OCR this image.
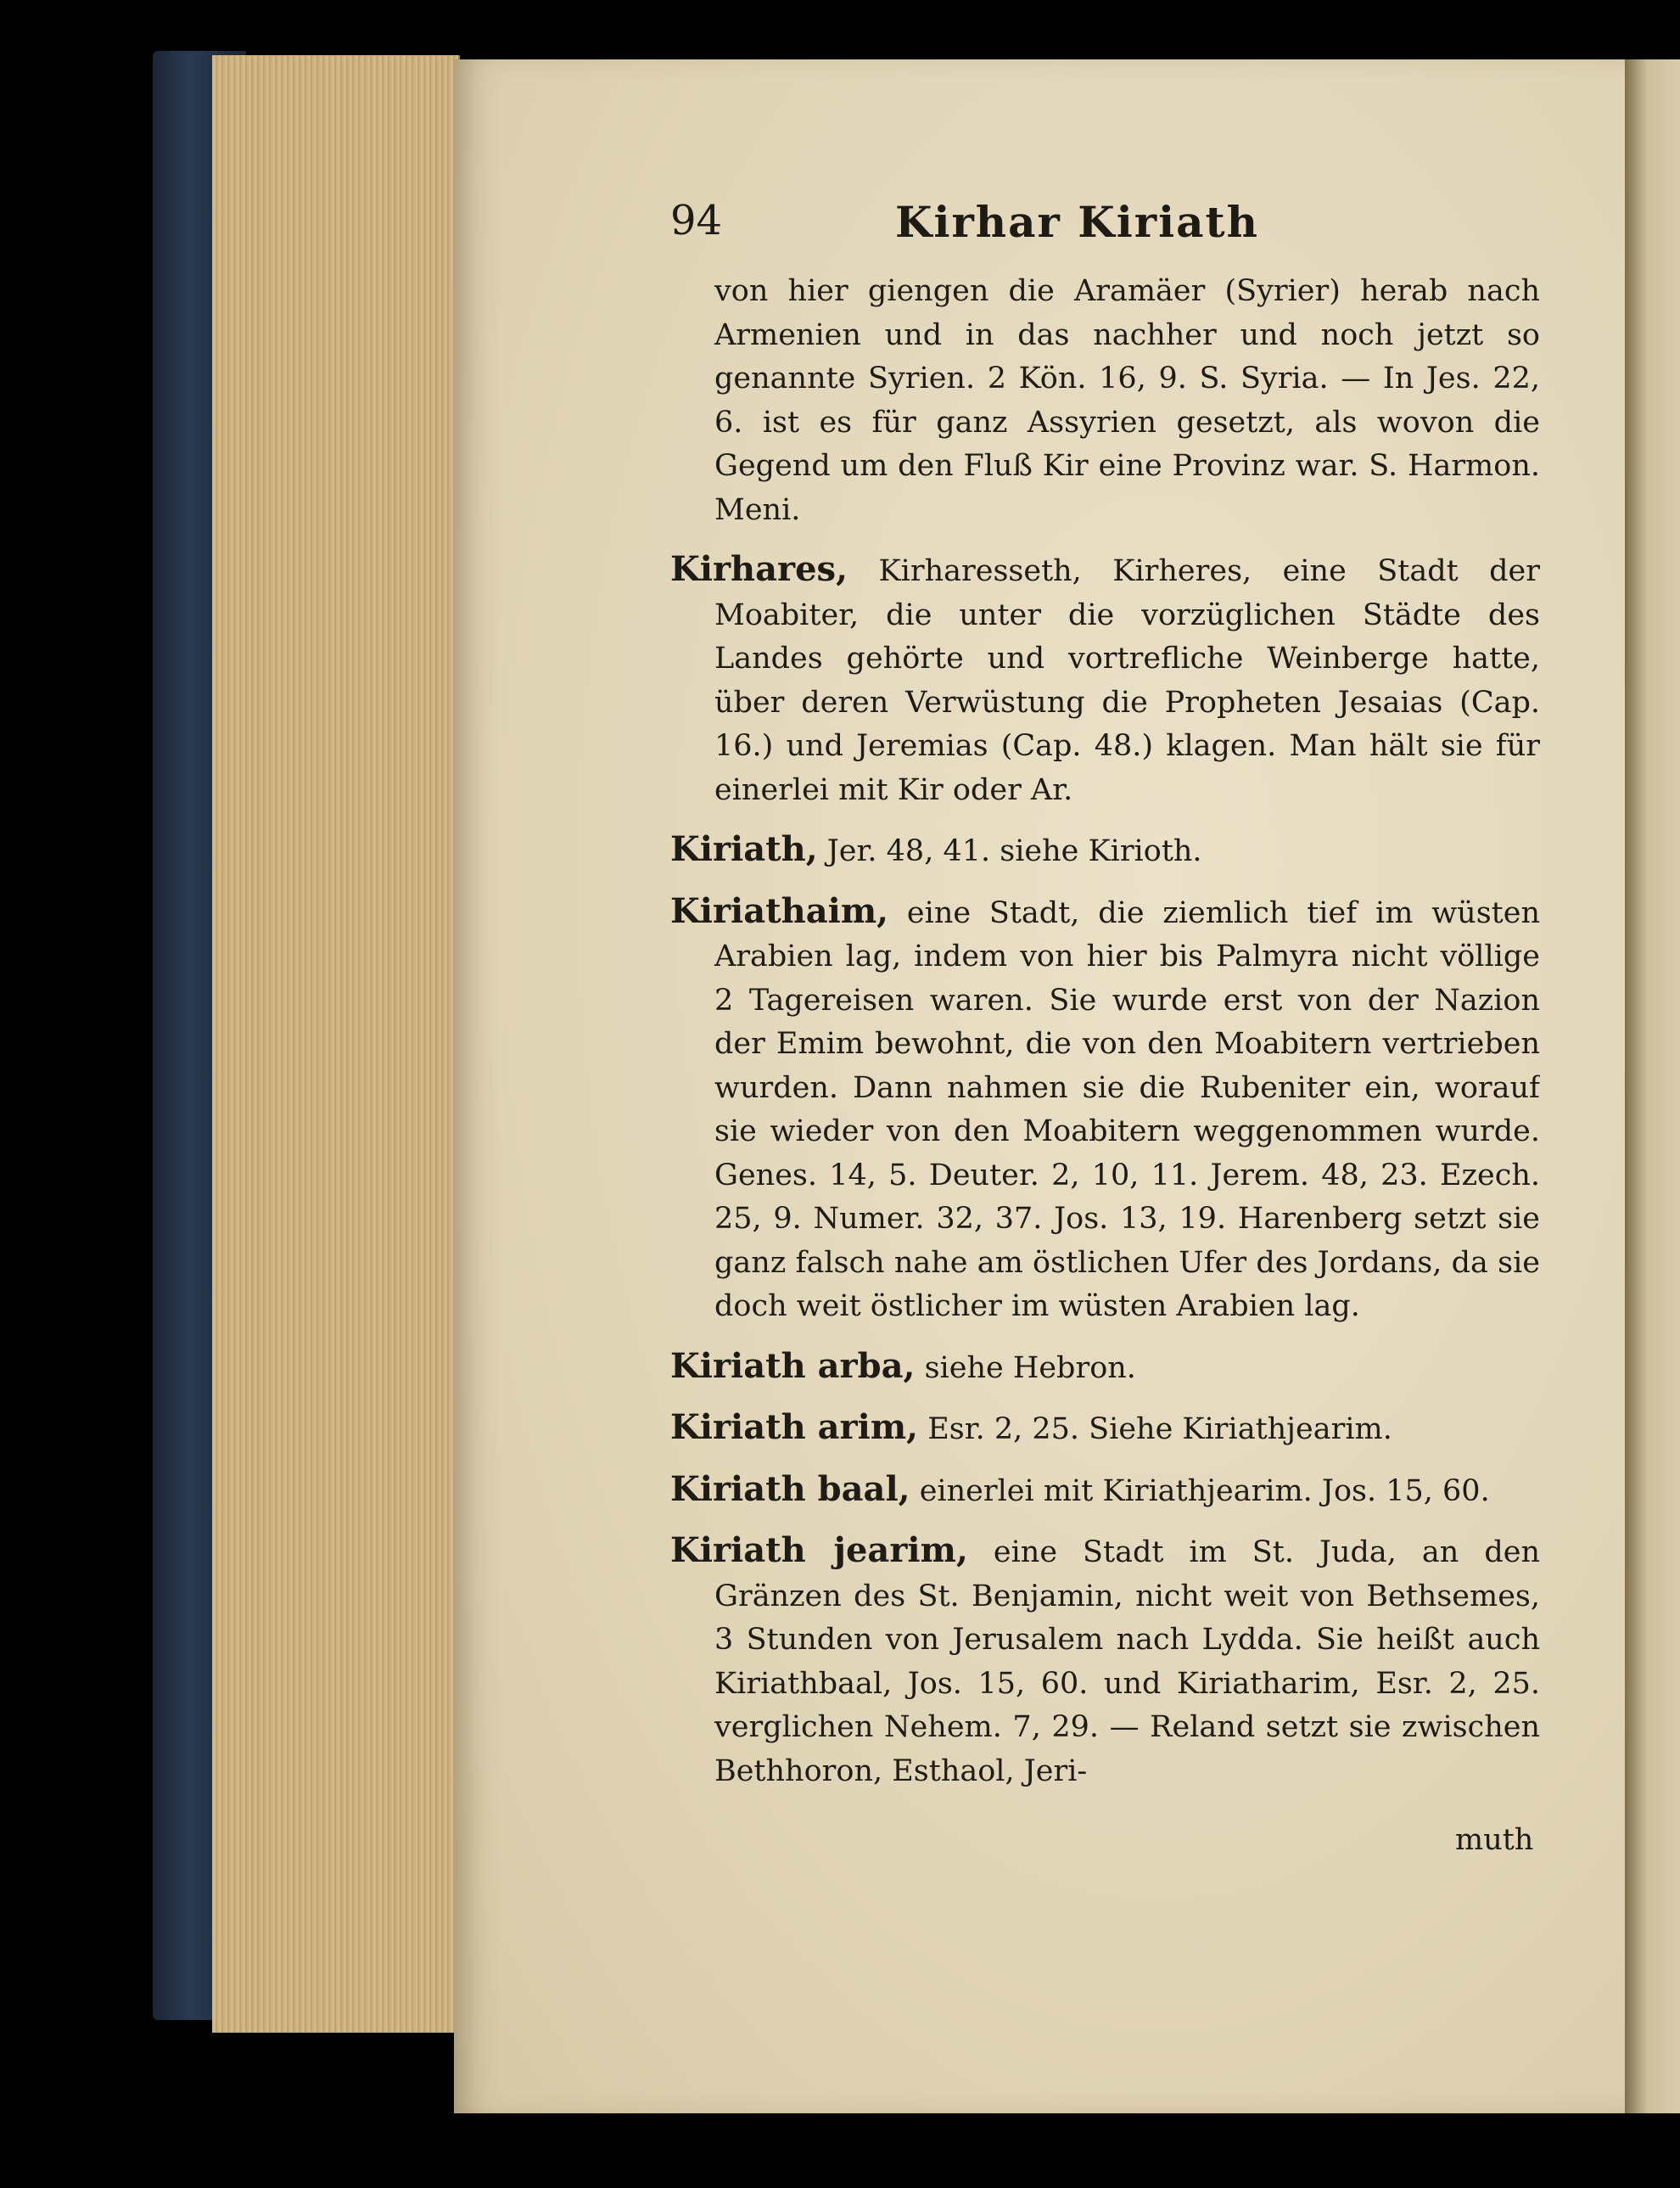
94	Kirhar Kiriath

von hier giengen die Aramäer (Syrier) herab nach Armenien und in das nachher und noch jetzt so genannte Syrien. 2 Kön. 16, 9. S. Syria. — In Jes. 22, 6. ist es für ganz Assyrien gesetzt, als wovon die Gegend um den Fluß Kir eine Provinz war. S. Harmon. Meni.

Kirhares, Kirharesseth, Kirheres, eine Stadt der Moabiter, die unter die vorzüglichen Städte des Landes gehörte und vortrefliche Weinberge hatte, über deren Verwüstung die Propheten Jesaias (Cap. 16.) und Jeremias (Cap. 48.) klagen. Man hält sie für einerlei mit Kir oder Ar.

Kiriath, Jer. 48, 41. siehe Kirioth.

Kiriathaim, eine Stadt, die ziemlich tief im wüsten Arabien lag, indem von hier bis Palmyra nicht völlige 2 Tagereisen waren. Sie wurde erst von der Nazion der Emim bewohnt, die von den Moabitern vertrieben wurden. Dann nahmen sie die Rubeniter ein, worauf sie wieder von den Moabitern weggenommen wurde. Genes. 14, 5. Deuter. 2, 10, 11. Jerem. 48, 23. Ezech. 25, 9. Numer. 32, 37. Jos. 13, 19. Harenberg setzt sie ganz falsch nahe am östlichen Ufer des Jordans, da sie doch weit östlicher im wüsten Arabien lag.

Kiriath arba, siehe Hebron.

Kiriath arim, Esr. 2, 25. Siehe Kiriathjearim.

Kiriath baal, einerlei mit Kiriathjearim. Jos. 15, 60.

Kiriath jearim, eine Stadt im St. Juda, an den Gränzen des St. Benjamin, nicht weit von Bethsemes, 3 Stunden von Jerusalem nach Lydda. Sie heißt auch Kiriathbaal, Jos. 15, 60. und Kiriatharim, Esr. 2, 25. verglichen Nehem. 7, 29. — Reland setzt sie zwischen Bethhoron, Esthaol, Jeri-

muth
